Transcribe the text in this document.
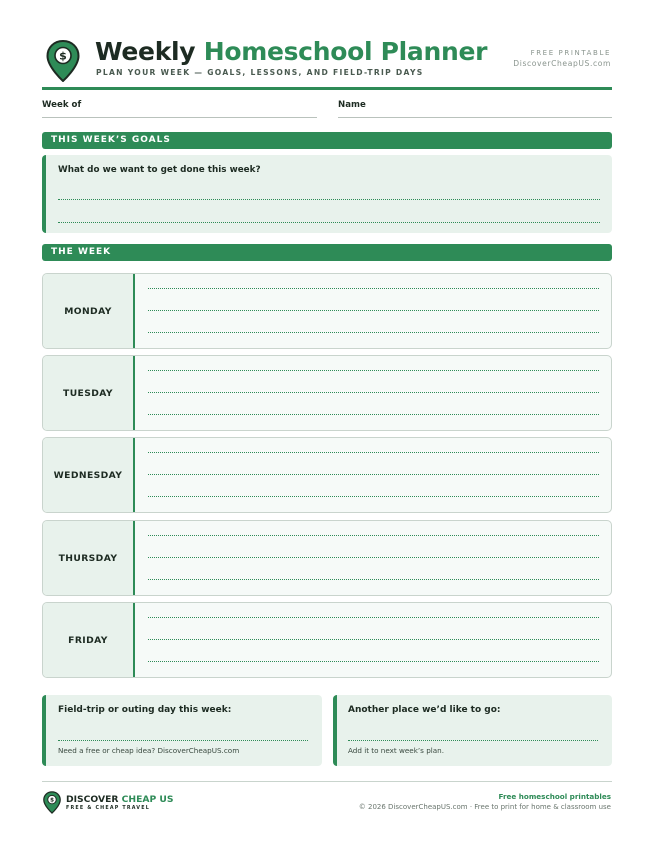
$ Weekly Homeschool Planner
PLAN YOUR WEEK — GOALS, LESSONS, AND FIELD-TRIP DAYS
FREE PRINTABLE
DiscoverCheapUS.com
Week of	Name
THIS WEEK’S GOALS
What do we want to get done this week?
THE WEEK
MONDAY
TUESDAY
WEDNESDAY
THURSDAY
FRIDAY
Field-trip or outing day this week:
Need a free or cheap idea? DiscoverCheapUS.com
Another place we’d like to go:
Add it to next week’s plan.
$ DISCOVER CHEAP US
FREE & CHEAP TRAVEL
Free homeschool printables
© 2026 DiscoverCheapUS.com · Free to print for home & classroom use
